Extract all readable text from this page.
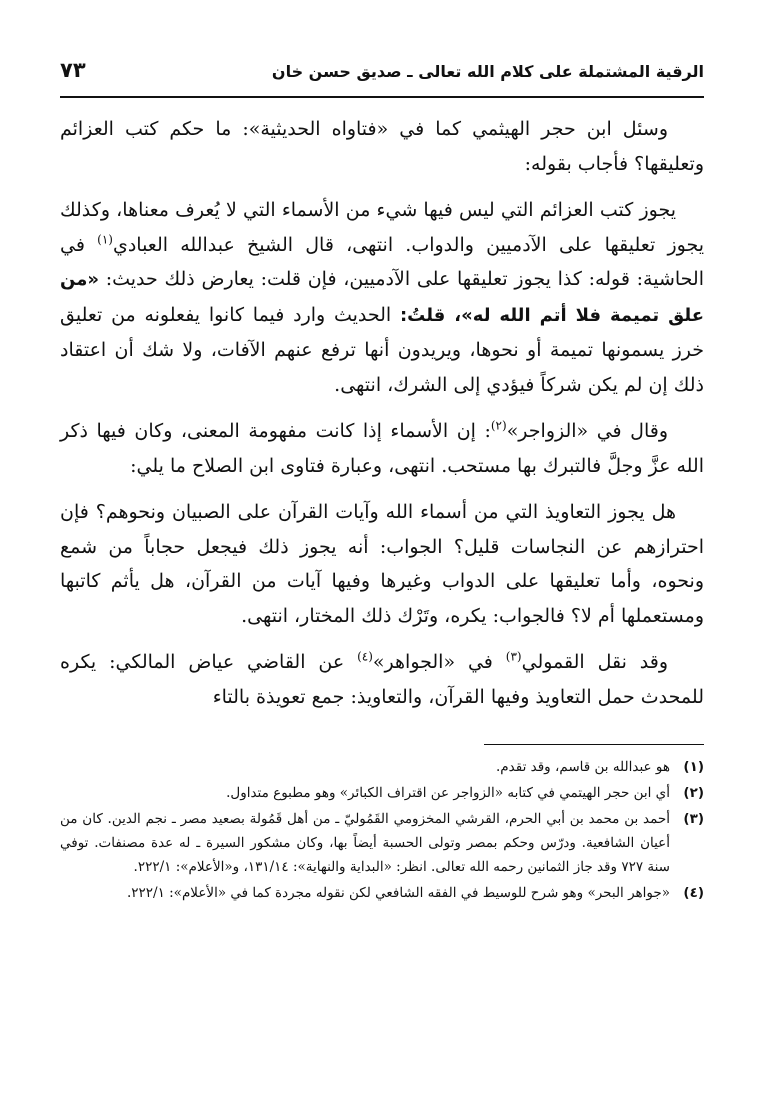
الرقية المشتملة على كلام الله تعالى ـ صديق حسن خان
٧٣

وسئل ابن حجر الهيثمي كما في «فتاواه الحديثية»: ما حكم كتب العزائم وتعليقها؟ فأجاب بقوله:

يجوز كتب العزائم التي ليس فيها شيء من الأسماء التي لا يُعرف معناها، وكذلك يجوز تعليقها على الآدميين والدواب. انتهى، قال الشيخ عبدالله العبادي$^{(١)}$ في الحاشية: قوله: كذا يجوز تعليقها على الآدميين، فإن قلت: يعارض ذلك حديث: «من علق تميمة فلا أتم الله له»، قلتُ: الحديث وارد فيما كانوا يفعلونه من تعليق خرز يسمونها تميمة أو نحوها، ويريدون أنها ترفع عنهم الآفات، ولا شك أن اعتقاد ذلك إن لم يكن شركاً فيؤدي إلى الشرك، انتهى.

وقال في «الزواجر»$^{(٢)}$: إن الأسماء إذا كانت مفهومة المعنى، وكان فيها ذكر الله عزَّ وجلَّ فالتبرك بها مستحب. انتهى، وعبارة فتاوى ابن الصلاح ما يلي:

هل يجوز التعاويذ التي من أسماء الله وآيات القرآن على الصبيان ونحوهم؟ فإن احترازهم عن النجاسات قليل؟ الجواب: أنه يجوز ذلك فيجعل حجاباً من شمع ونحوه، وأما تعليقها على الدواب وغيرها وفيها آيات من القرآن، هل يأثم كاتبها ومستعملها أم لا؟ فالجواب: يكره، وتَرْك ذلك المختار، انتهى.

وقد نقل القمولي$^{(٣)}$ في «الجواهر»$^{(٤)}$ عن القاضي عياض المالكي: يكره للمحدث حمل التعاويذ وفيها القرآن، والتعاويذ: جمع تعويذة بالتاء

(١)
هو عبدالله بن قاسم، وقد تقدم.
(٢)
أي ابن حجر الهيتمي في كتابه «الزواجر عن اقتراف الكبائر» وهو مطبوع متداول.
(٣)
أحمد بن محمد بن أبي الحرم، القرشي المخزومي القَمُوليّ ـ من أهل قَمُولة بصعيد مصر ـ نجم الدين. كان من أعيان الشافعية. ودرّس وحكم بمصر وتولى الحسبة أيضاً بها، وكان مشكور السيرة ـ له عدة مصنفات. توفي سنة ٧٢٧ وقد جاز الثمانين رحمه الله تعالى. انظر: «البداية والنهاية»: ١٣١/١٤، و«الأعلام»: ٢٢٢/١.
(٤)
«جواهر البحر» وهو شرح للوسيط في الفقه الشافعي لكن نقوله مجردة كما في «الأعلام»: ٢٢٢/١.
